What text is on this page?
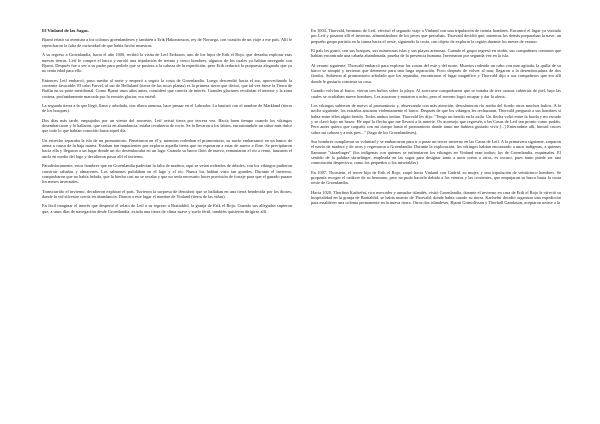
El Vinland de las Sagas.

Bjarni relató su aventura a los colonos groenlandeses y también a Erik Hakonarsson, rey de Noruega, con ocasión de un viaje a ese país. Allí le reprocharon la falta de curiosidad de que había hecho muestras.

A su regreso a Groenlandia, hacia el año 1000, recibió la visita de Leif Eriksson, uno de los hijos de Erik el Rojo, que deseaba explorar esas nuevas tierras. Leif le compró el barco y enroló una tripulación de treinta y cinco hombres, algunos de los cuales ya habían navegado con Bjarni. Después fue a ver a su padre para pedirle que se pusiera a la cabeza de la expedición, pero Erik reducirá la propuesta alegando que ya no tenía edad para ello.

Entonces Leif embarcó, puso rumbo al norte y empezó a seguir la costa de Groenlandia. Luego descendió hacia el sur, aprovechando la corriente favorable. El cabo Farvel, al sur de Helluland (tierra de las rocas planas) es la primera tierra que divisó, que tal vez fuese la Tierra de Baffin en su parte meridional. Como Bjarni unos años antes, consideró que carecía de interés. Grandes glaciares recubrían el interior y la zona costera, profundamente marcada por la erosión glaciar, era estéril.

La segunda tierra a la que llegó, llana y arbolada, con ríbera arenosa, hace pensar en el Labrador. La bautizó con el nombre de Markland (tierra de los bosques).

Dos días más tarde, empujados por un viento del noroeste, Leif avistó tierra por tercera vez. Hacía buen tiempo cuando los vikingos desembarcaron y lo hallaron, que crecía en abundancia, estaba recubierta de rocío. Se la llevaron a los labios, encontrándole un sabor más dulce que todo lo que habían conocido hasta aquel día.

Un estrecho separaba la isla de un promontorio. Penetraron en él y, mientras rodeaban el promontorio, su navío embarrancó en un banco de arena a causa de la baja marea. Estaban tan impacientes por explorar aquella tierra que no esperaron a estar de nuevo a flote. Se precipitaron hacia ella y llegaron a un lugar donde un río desembocaba en un lago. Cuando su barco flotó de nuevo, remontaron el río a remo, lanzaron el ancla en medio del lago y decidieron pasar allí el invierno.

Paradisíacamente, estos hombres que en Groenlandia padecían la falta de madera, aquí se veían rodeados de árboles, con los vikingos pudieron construir cabañas y almacenes. Los salmones pululaban en el lago y el río. Nunca los habían visto tan grandes. Durante el invierno, comprobaron que no había helada, que la hierba casi no se secaba y que no sería necesario hacer provisión de forraje para que el ganado pasase los meses invernales.

Transcurrido el invierno, decidieron explorar el país. Tuvieron la sorpresa de descubrir que se hallaban en una tierra bendecida por los dioses, donde la vid silvestre crecía en abundancia. Diaron a este lugar el nombre de Vinland (tierra de las viñas).

En fácil imaginar el interés que despertó el relato de Leif a su regreso a Brattahlid, la granja de Erik el Rojo. Cuando sus allegados supieron que, a unos días de navegación desde Groenlandia, existía una tierra de clima suave y suelo fértil, también quisieron dirigirse allí.

En 1004, Thorvald, hermano de Leif, efectuó el segundo viaje a Vinland con una tripulación de treinta hombres. Encontró el lugar ya visitado por Leif y pasaron allí el invierno, alimentándose de los peces que pescaban. Thorvald decidió que, mientras los demás preparaban la nave, un pequeño grupo partiría en la canoa hacia el oeste, siguiendo la costa, con objeto de explorar la región durante los meses de verano.

El país les gustó, con sus bosques, sus numerosas islas y sus playas arenosas. Cuando el grupo regresó en otoño, sus compañeros contaron que habían encontrado una cabaña abandonada, prueba de la presencia humana. Invernaron por segunda vez en la isla.

Al verano siguiente, Thorvald embarcó para explorar las costas del este y del norte. Muertos rodeado un cabo con mar agitada, la quilla de su barco se rompió y tuvieron que detenerse para una larga reparación. Poco después de volver al mar, llegaron a la desembocadura de dos fiordos. Subieron al promontorio arbolado que los separaba, encontraron el lugar magnífico y Thorvald dijo a sus compañeros que era allí donde le gustaría construir su casa.

Cuando volvían al barco, vieron tres bultos sobre la playa. Al acercarse comprobaron que se trataba de tres canoas cubiertas de piel, bajo las cuales se ocultaban nueve hombres. Les atacaron y mataron a ocho, pero el noveno logró escapar y dar la alerta.

Los vikingos subieron de nuevo al promontorio y, observando con más atención, descubrieron río arriba del fiordo otros muchos bultos. A la noche siguiente, los extraños atacaron violentamente el barco. Después de que los vikingos les rechazaran, Thorvald preguntó a sus hombres si había entre ellos algún herido. Todos ambos tenían. Thorvald les dijo: "Tengo un herido en la axila. Un flecha volió entre la borda y mi escudo y se clavó bajo mi brazo. He aquí la flecha que me llevará a la muerte. Os aconsejo que regreséis a las Casas de Leif tan pronto como podáis. Pero antes quiero que carguéis con mi cuerpo hasta el promontorio donde tanto me hubiera gustado vivir [...] Enterradme allí, hincad cruces sobre mi cabeza y a mis pies..." (Saga de los Groenlandeses).

Sus hombres cumplieron su voluntad y se embarcaron para ir a pasar un tercer invierno en las Casas de Leif. A la primavera siguiente, zarparon el navío de madera y de uvas y regresaron a Groenlandia. Durante la exploración, los vikingos habían encontrado a unos indígenas, a quienes llamaron "skraelinger" (los indígenas con quienes se enfrentaron los vikingos en Vinland eran indios; los de Groenlandia, esquimales. El sentido de la palabra skraelinger, empleada en las sagas para designar tanto a unos como a otros, es oscuro, pues tanto puede ser una connotación despectiva, como los pequeños o los miserables).

En 1007, Thorstein, el tercer hijo de Erik el Rojo, zarpó hacia Vinland con Gudrid, su mujer, y una tripulación de veinticinco hombres. Se proponía recoger el cadáver de su hermano, pero no pudo hacerlo debido a los vientos y las corrientes, que empujaron su barco hasta la costa oeste de Groenlandia.

Hacia 1020, Thorfinn Karlsefni, rico mercader y armador islandés, visitó Groenlandia, durante el invierno en casa de Erik el Rojo le ofreció su hospitalidad en la granja de Brattahlid, se había muerto de Thorvald, donde había casado su tierra. Karlsefni decidió organizar una expedición para establecer una colonia permanente en la nueva tierra. Otros dos islandeses, Bjarni Grimolfsson y Thorhall Gamlason, aceptaron unirse a la
